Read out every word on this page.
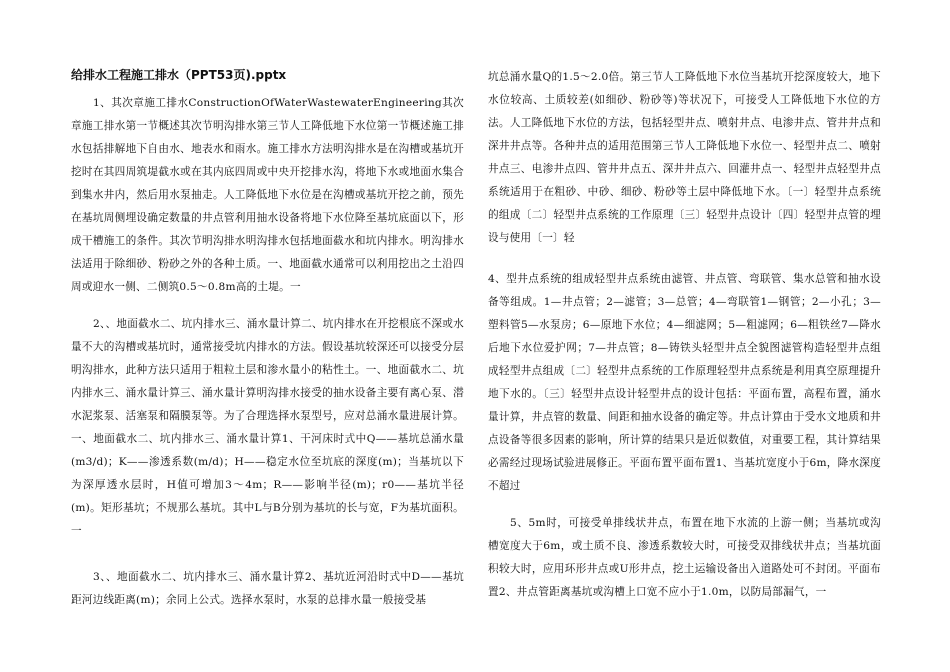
给排水工程施工排水（PPT53页).pptx

1、其次章施工排水ConstructionOfWaterWastewaterEngineering其次章施工排水第一节概述其次节明沟排水第三节人工降低地下水位第一节概述施工排水包括排解地下自由水、地表水和雨水。施工排水方法明沟排水是在沟槽或基坑开挖时在其四周筑堤截水或在其内底四周或中央开挖排水沟，将地下水或地面水集合到集水井内，然后用水泵抽走。人工降低地下水位是在沟槽或基坑开挖之前，预先在基坑周侧埋设确定数量的井点管利用抽水设备将地下水位降至基坑底面以下，形成干槽施工的条件。其次节明沟排水明沟排水包括地面截水和坑内排水。明沟排水法适用于除细砂、粉砂之外的各种土质。一、地面截水通常可以利用挖出之土沿四周或迎水一侧、二侧筑0.5～0.8m高的土堤。一

2、、地面截水二、坑内排水三、涌水量计算二、坑内排水在开挖根底不深或水量不大的沟槽或基坑时，通常接受坑内排水的方法。假设基坑较深还可以接受分层明沟排水，此种方法只适用于粗粒土层和渗水量小的粘性土。一、地面截水二、坑内排水三、涌水量计算三、涌水量计算明沟排水接受的抽水设备主要有离心泵、潜水泥浆泵、活塞泵和隔膜泵等。为了合理选择水泵型号，应对总涌水量进展计算。一、地面截水二、坑内排水三、涌水量计算1、干河床时式中Q——基坑总涌水量(m3/d)；K——渗透系数(m/d)；H——稳定水位至坑底的深度(m)；当基坑以下为深厚透水层时，H值可增加3～4m；R——影响半径(m)；r0——基坑半径(m)。矩形基坑；不规那么基坑。其中L与B分别为基坑的长与宽，F为基坑面积。一

3、、地面截水二、坑内排水三、涌水量计算2、基坑近河沿时式中D——基坑距河边线距离(m)；余同上公式。选择水泵时，水泵的总排水量一般接受基

坑总涌水量Q的1.5～2.0倍。第三节人工降低地下水位当基坑开挖深度较大，地下水位较高、土质较差(如细砂、粉砂等)等状况下，可接受人工降低地下水位的方法。人工降低地下水位的方法，包括轻型井点、喷射井点、电渗井点、管井井点和深井井点等。各种井点的适用范围第三节人工降低地下水位一、轻型井点二、喷射井点三、电渗井点四、管井井点五、深井井点六、回灌井点一、轻型井点轻型井点系统适用于在粗砂、中砂、细砂、粉砂等土层中降低地下水。〔一〕轻型井点系统的组成〔二〕轻型井点系统的工作原理〔三〕轻型井点设计〔四〕轻型井点管的埋设与使用〔一〕轻

4、型井点系统的组成轻型井点系统由滤管、井点管、弯联管、集水总管和抽水设备等组成。1—井点管；2—滤管；3—总管；4—弯联管1—钢管；2—小孔；3—塑料管5—水泵房；6—原地下水位；4—细滤网；5—粗滤网；6—粗铁丝7—降水后地下水位爱护网；7—井点管；8—铸铁头轻型井点全貌图滤管构造轻型井点组成轻型井点组成〔二〕轻型井点系统的工作原理轻型井点系统是利用真空原理提升地下水的。〔三〕轻型井点设计轻型井点的设计包括：平面布置，高程布置，涌水量计算，井点管的数量、间距和抽水设备的确定等。井点计算由于受水文地质和井点设备等很多因素的影响，所计算的结果只是近似数值，对重要工程，其计算结果必需经过现场试验进展修正。平面布置平面布置1、当基坑宽度小于6m，降水深度不超过

5、5m时，可接受单排线状井点，布置在地下水流的上游一侧；当基坑或沟槽宽度大于6m，或土质不良、渗透系数较大时，可接受双排线状井点；当基坑面积较大时，应用环形井点或U形井点，挖土运输设备出入道路处可不封闭。平面布置2、井点管距离基坑或沟槽上口宽不应小于1.0m，以防局部漏气，一
